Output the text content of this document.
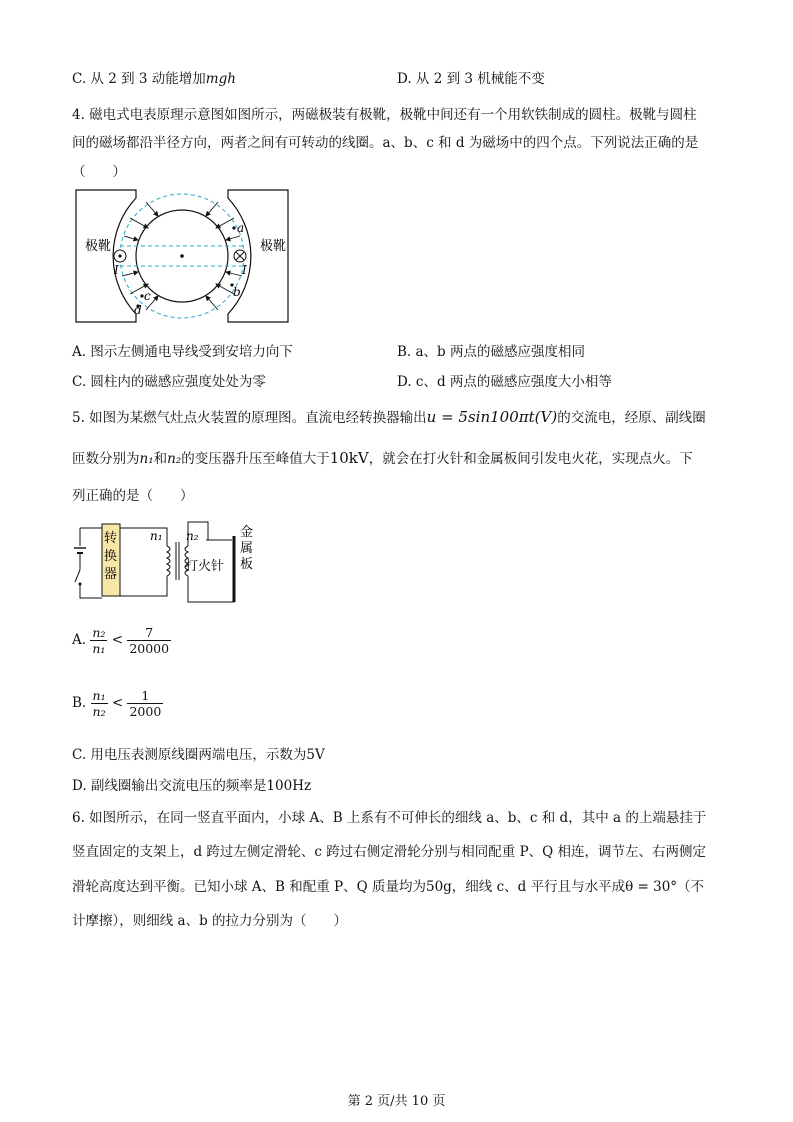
C. 从 2 到 3 动能增加mgh	D. 从 2 到 3 机械能不变
4. 磁电式电表原理示意图如图所示，两磁极装有极靴，极靴中间还有一个用软铁制成的圆柱。极靴与圆柱
间的磁场都沿半径方向，两者之间有可转动的线圈。a、b、c 和 d 为磁场中的四个点。下列说法正确的是
（　　）
极靴	极靴
a
b
c
d
I	I
A. 图示左侧通电导线受到安培力向下	B. a、b 两点的磁感应强度相同
C. 圆柱内的磁感应强度处处为零	D. c、d 两点的磁感应强度大小相等
5. 如图为某燃气灶点火装置的原理图。直流电经转换器输出u = 5sin100πt(V)的交流电，经原、副线圈
匝数分别为n₁和n₂的变压器升压至峰值大于10kV，就会在打火针和金属板间引发电火花，实现点火。下
列正确的是（　　）
转
换
器
n₁ n₂
打火针
金
属
板
A. $\frac{\text{n₂}}{\text{n₁}} < \frac{7}{20000}$
B. $\frac{\text{n₁}}{\text{n₂}} < \frac{1}{2000}$
C. 用电压表测原线圈两端电压，示数为5V
D. 副线圈输出交流电压的频率是100Hz
6. 如图所示，在同一竖直平面内，小球 A、B 上系有不可伸长的细线 a、b、c 和 d，其中 a 的上端悬挂于
竖直固定的支架上，d 跨过左侧定滑轮、c 跨过右侧定滑轮分别与相同配重 P、Q 相连，调节左、右两侧定
滑轮高度达到平衡。已知小球 A、B 和配重 P、Q 质量均为50g，细线 c、d 平行且与水平成θ = 30°（不
计摩擦），则细线 a、b 的拉力分别为（　　）
第 2 页/共 10 页
